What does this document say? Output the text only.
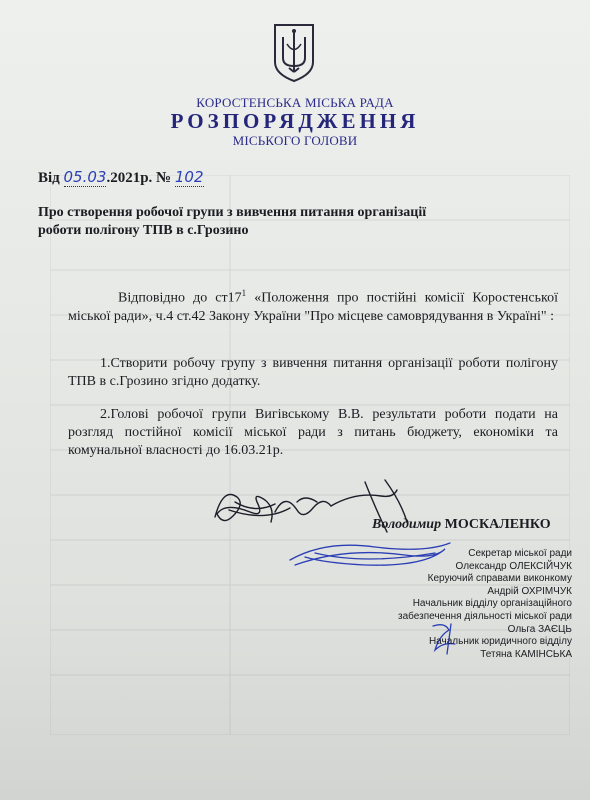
КОРОСТЕНСЬКА МІСЬКА РАДА
РОЗПОРЯДЖЕННЯ
МІСЬКОГО ГОЛОВИ
Від 05.03.2021р. № 102
Про створення робочої групи з вивчення питання організації роботи полігону ТПВ в с.Грозино
Відповідно до $ст17^1$ «Положення про постійні комісії Коростенської міської ради», ч.4 ст.42 Закону України "Про місцеве самоврядування в Україні" :
1.Створити робочу групу з вивчення питання організації роботи полігону ТПВ в с.Грозино згідно додатку.
2.Голові робочої групи Вигівському В.В. результати роботи подати на розгляд постійної комісії міської ради з питань бюджету, економіки та комунальної власності до 16.03.21р.
Володимир МОСКАЛЕНКО
Секретар міської ради
Олександр ОЛЕКСІЙЧУК
Керуючий справами виконкому
Андрій ОХРІМЧУК
Начальник відділу організаційного
забезпечення діяльності міської ради
Ольга ЗАЄЦЬ
Начальник юридичного відділу
Тетяна КАМІНСЬКА
